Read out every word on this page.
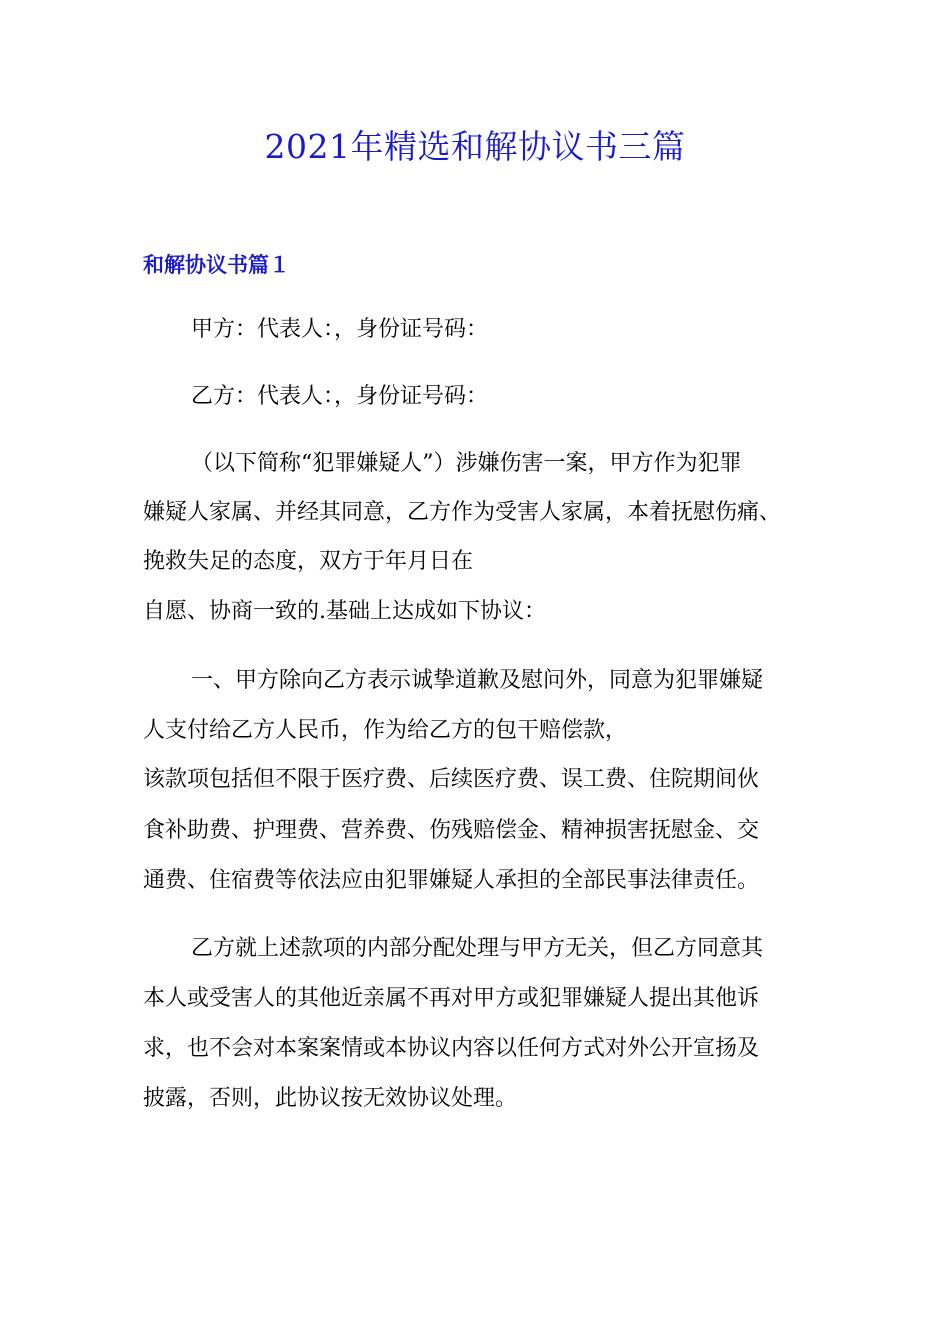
2021年精选和解协议书三篇
和解协议书篇１
甲方：代表人：，身份证号码：
乙方：代表人：，身份证号码：
（以下简称“犯罪嫌疑人”）涉嫌伤害一案，甲方作为犯罪
嫌疑人家属、并经其同意，乙方作为受害人家属，本着抚慰伤痛、
挽救失足的态度，双方于年月日在
自愿、协商一致的.基础上达成如下协议：
一、甲方除向乙方表示诚挚道歉及慰问外，同意为犯罪嫌疑
人支付给乙方人民币，作为给乙方的包干赔偿款，
该款项包括但不限于医疗费、后续医疗费、误工费、住院期间伙
食补助费、护理费、营养费、伤残赔偿金、精神损害抚慰金、交
通费、住宿费等依法应由犯罪嫌疑人承担的全部民事法律责任。
乙方就上述款项的内部分配处理与甲方无关，但乙方同意其
本人或受害人的其他近亲属不再对甲方或犯罪嫌疑人提出其他诉
求，也不会对本案案情或本协议内容以任何方式对外公开宣扬及
披露，否则，此协议按无效协议处理。
